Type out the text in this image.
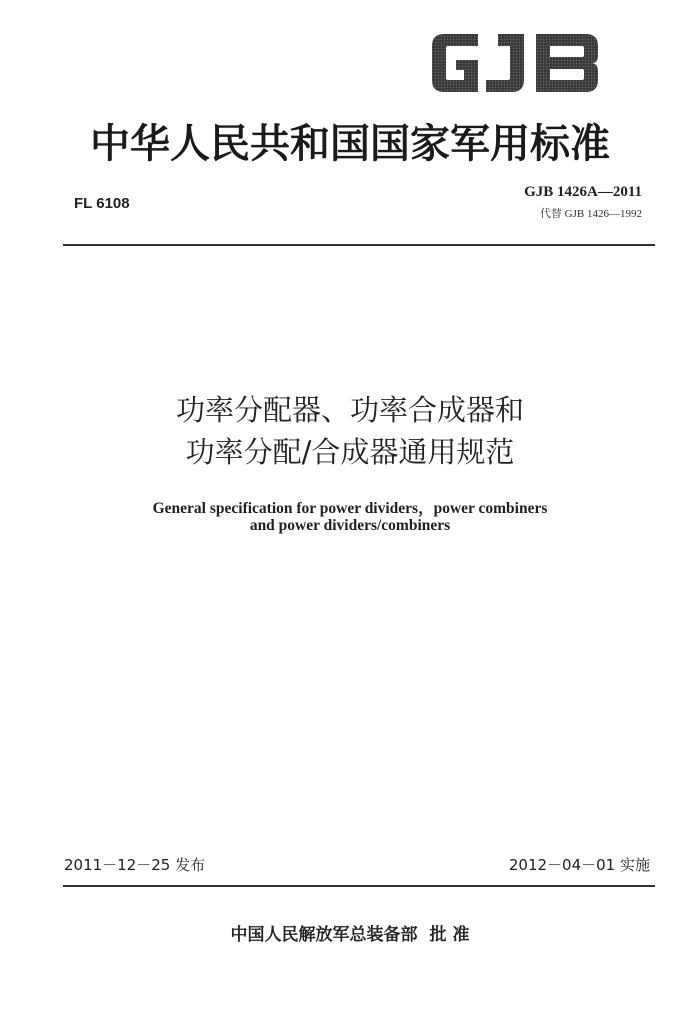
中华人民共和国国家军用标准
FL 6108
GJB 1426A—2011
代替 GJB 1426—1992
功率分配器、功率合成器和
功率分配/合成器通用规范
General specification for power dividers，power combiners
and power dividers/combiners
2011－12－25 发布	2012－04－01 实施
中国人民解放军总装备部 批 准
